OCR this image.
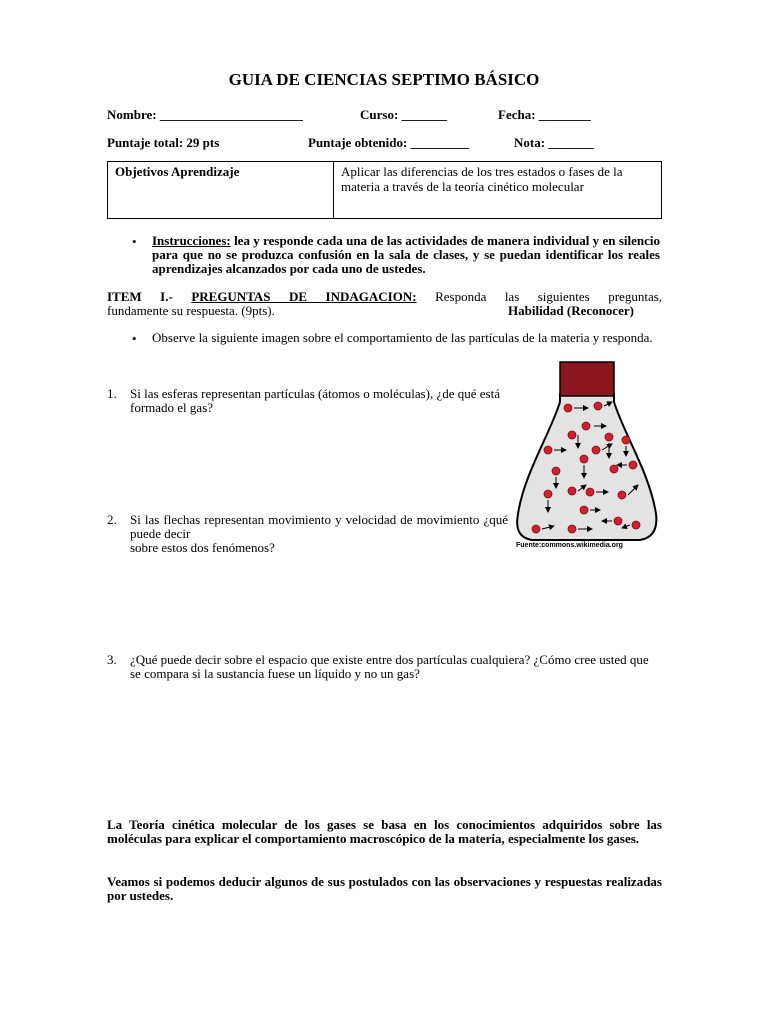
GUIA DE CIENCIAS SEPTIMO BÁSICO
Nombre: ______________________	Curso: _______	Fecha: ________
Puntaje total: 29 pts	Puntaje obtenido: _________	Nota: _______
Objetivos Aprendizaje	Aplicar las diferencias de los tres estados o fases de la materia a través de la teoría cinético molecular
• Instrucciones: lea y responde cada una de las actividades de manera individual y en silencio para que no se produzca confusión en la sala de clases, y se puedan identificar los reales aprendizajes alcanzados por cada uno de ustedes.
ITEM I.- PREGUNTAS DE INDAGACION: Responda las siguientes preguntas,
fundamente su respuesta. (9pts).	Habilidad (Reconocer)
• Observe la siguiente imagen sobre el comportamiento de las partículas de la materia y responda.
1. Si las esferas representan partículas (átomos o moléculas), ¿de qué está formado el gas?
2. Si las flechas representan movimiento y velocidad de movimiento ¿qué puede decir
sobre estos dos fenómenos?
3. ¿Qué puede decir sobre el espacio que existe entre dos partículas cualquiera? ¿Cómo cree usted que se compara si la sustancia fuese un líquido y no un gas?
Fuente:commons.wikimedia.org
La Teoría cinética molecular de los gases se basa en los conocimientos adquiridos sobre las moléculas para explicar el comportamiento macroscópico de la materia, especialmente los gases.
Veamos si podemos deducir algunos de sus postulados con las observaciones y respuestas realizadas por ustedes.
